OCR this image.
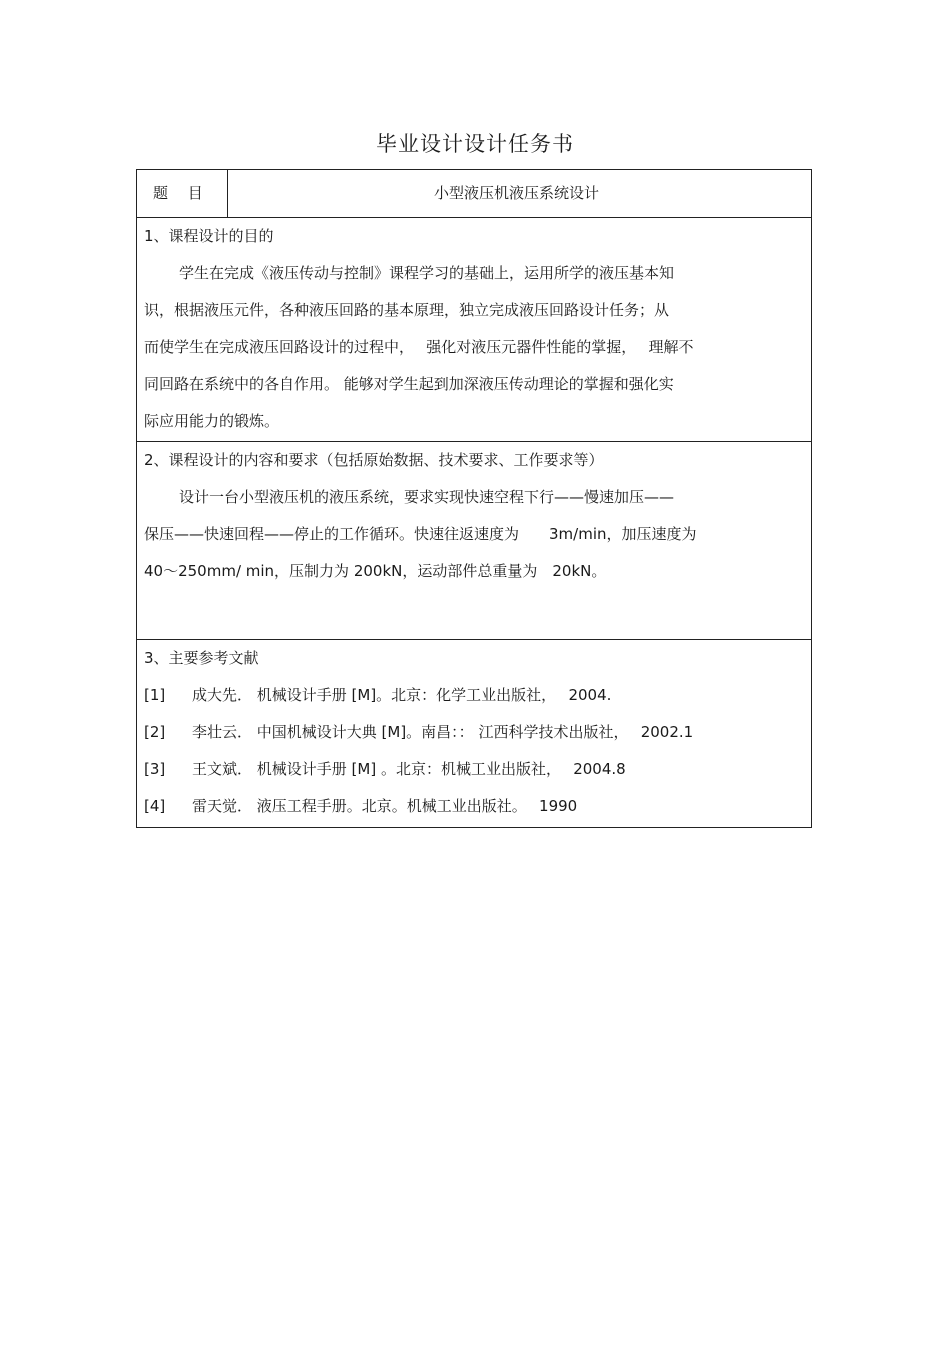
毕业设计设计任务书
题　 目	小型液压机液压系统设计
1、课程设计的目的
学生在完成《液压传动与控制》课程学习的基础上，运用所学的液压基本知
识，根据液压元件，各种液压回路的基本原理，独立完成液压回路设计任务；从
而使学生在完成液压回路设计的过程中，　 强化对液压元器件性能的掌握，　 理解不
同回路在系统中的各自作用。 能够对学生起到加深液压传动理论的掌握和强化实
际应用能力的锻炼。
2、课程设计的内容和要求（包括原始数据、技术要求、工作要求等）
设计一台小型液压机的液压系统，要求实现快速空程下行——慢速加压——
保压——快速回程——停止的工作循环。快速往返速度为　　3m/min，加压速度为
40～250mm∕ min，压制力为 200kN，运动部件总重量为　20kN。
3、主要参考文献
[1]	成大先． 机械设计手册 [M]。北京：化学工业出版社，　 2004.
[2]	李壮云． 中国机械设计大典 [M]。南昌：： 江西科学技术出版社，　 2002.1
[3]	王文斌． 机械设计手册 [M] 。北京：机械工业出版社，　 2004.8
[4]	雷天觉． 液压工程手册。北京。机械工业出版社。　 1990
